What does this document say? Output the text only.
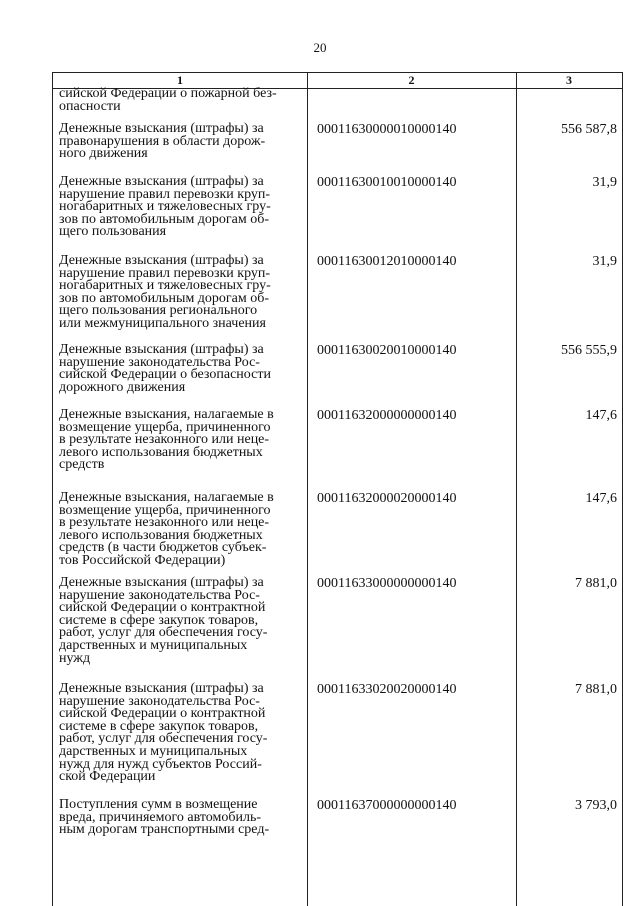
20
1	2	3
сийской Федерации о пожарной без-
опасности
Денежные взыскания (штрафы) за
правонарушения в области дорож-
ного движения
00011630000010000140	556 587,8
Денежные взыскания (штрафы) за
нарушение правил перевозки круп-
ногабаритных и тяжеловесных гру-
зов по автомобильным дорогам об-
щего пользования
00011630010010000140	31,9
Денежные взыскания (штрафы) за
нарушение правил перевозки круп-
ногабаритных и тяжеловесных гру-
зов по автомобильным дорогам об-
щего пользования регионального
или межмуниципального значения
00011630012010000140	31,9
Денежные взыскания (штрафы) за
нарушение законодательства Рос-
сийской Федерации о безопасности
дорожного движения
00011630020010000140	556 555,9
Денежные взыскания, налагаемые в
возмещение ущерба, причиненного
в результате незаконного или неце-
левого использования бюджетных
средств
00011632000000000140	147,6
Денежные взыскания, налагаемые в
возмещение ущерба, причиненного
в результате незаконного или неце-
левого использования бюджетных
средств (в части бюджетов субъек-
тов Российской Федерации)
00011632000020000140	147,6
Денежные взыскания (штрафы) за
нарушение законодательства Рос-
сийской Федерации о контрактной
системе в сфере закупок товаров,
работ, услуг для обеспечения госу-
дарственных и муниципальных
нужд
00011633000000000140	7 881,0
Денежные взыскания (штрафы) за
нарушение законодательства Рос-
сийской Федерации о контрактной
системе в сфере закупок товаров,
работ, услуг для обеспечения госу-
дарственных и муниципальных
нужд для нужд субъектов Россий-
ской Федерации
00011633020020000140	7 881,0
Поступления сумм в возмещение
вреда, причиняемого автомобиль-
ным дорогам транспортными сред-
00011637000000000140	3 793,0
